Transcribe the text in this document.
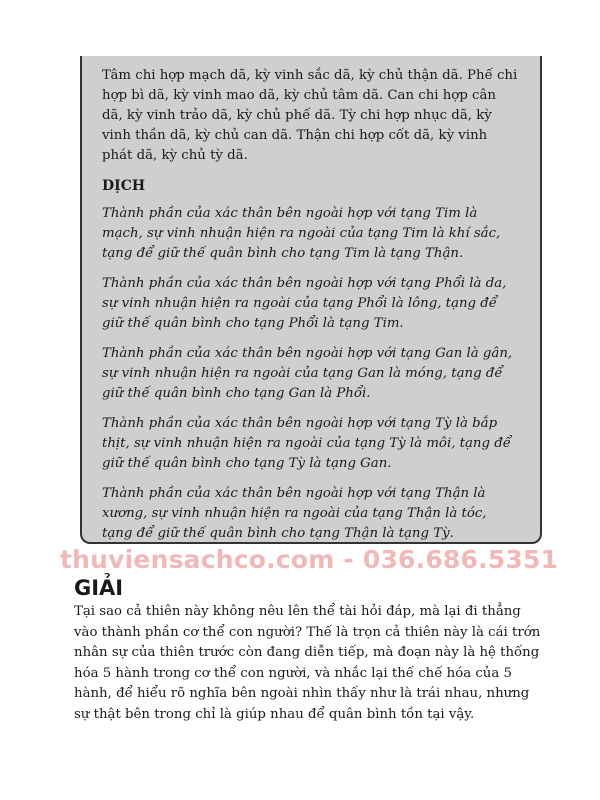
Tâm chi hợp mạch dã, kỳ vinh sắc dã, kỳ chủ thận dã. Phế chi hợp bì dã, kỳ vinh mao dã, kỳ chủ tâm dã. Can chi hợp cân dã, kỳ vinh trảo dã, kỳ chủ phế dã. Tỳ chi hợp nhục dã, kỳ vinh thần dã, kỳ chủ can dã. Thận chi hợp cốt dã, kỳ vinh phát dã, kỳ chủ tỳ dã.

DỊCH

Thành phần của xác thân bên ngoài hợp với tạng Tim là mạch, sự vinh nhuận hiện ra ngoài của tạng Tim là khí sắc, tạng để giữ thế quân bình cho tạng Tim là tạng Thận.

Thành phần của xác thân bên ngoài hợp với tạng Phổi là da, sự vinh nhuận hiện ra ngoài của tạng Phổi là lông, tạng để giữ thế quân bình cho tạng Phổi là tạng Tim.

Thành phần của xác thân bên ngoài hợp với tạng Gan là gân, sự vinh nhuận hiện ra ngoài của tạng Gan là móng, tạng để giữ thế quân bình cho tạng Gan là Phổi.

Thành phần của xác thân bên ngoài hợp với tạng Tỳ là bắp thịt, sự vinh nhuận hiện ra ngoài của tạng Tỳ là môi, tạng để giữ thế quân bình cho tạng Tỳ là tạng Gan.

Thành phần của xác thân bên ngoài hợp với tạng Thận là xương, sự vinh nhuận hiện ra ngoài của tạng Thận là tóc, tạng để giữ thế quân bình cho tạng Thận là tạng Tỳ.

thuviensachco.com - 036.686.5351
GIẢI

Tại sao cả thiên này không nêu lên thể tài hỏi đáp, mà lại đi thẳng vào thành phần cơ thể con người? Thế là trọn cả thiên này là cái trớn nhân sự của thiên trước còn đang diễn tiếp, mà đoạn này là hệ thống hóa 5 hành trong cơ thể con người, và nhắc lại thế chế hóa của 5 hành, để hiểu rõ nghĩa bên ngoài nhìn thấy như là trái nhau, nhưng sự thật bên trong chỉ là giúp nhau để quân bình tồn tại vậy.
